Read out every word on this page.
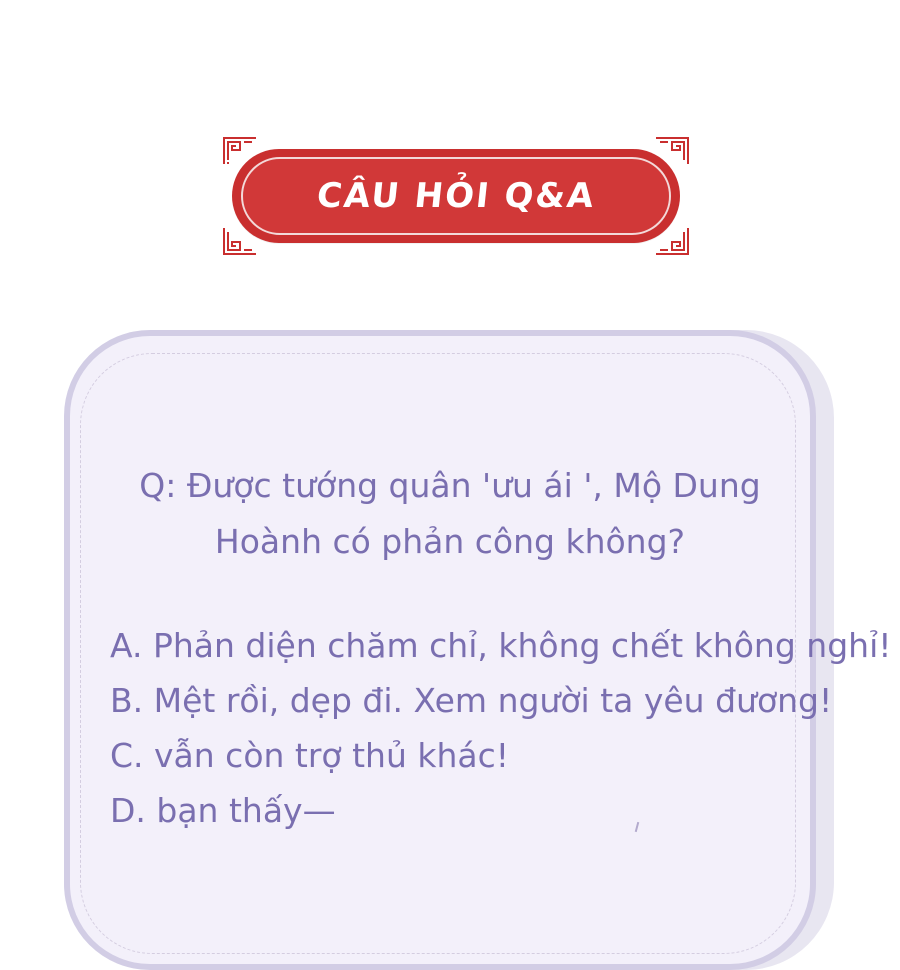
CÂU HỎI Q&A
Q: Được tướng quân 'ưu ái ', Mộ Dung Hoành có phản công không?
A. Phản diện chăm chỉ, không chết không nghỉ!
B. Mệt rồi, dẹp đi. Xem người ta yêu đương!
C. vẫn còn trợ thủ khác!
D. bạn thấy—
